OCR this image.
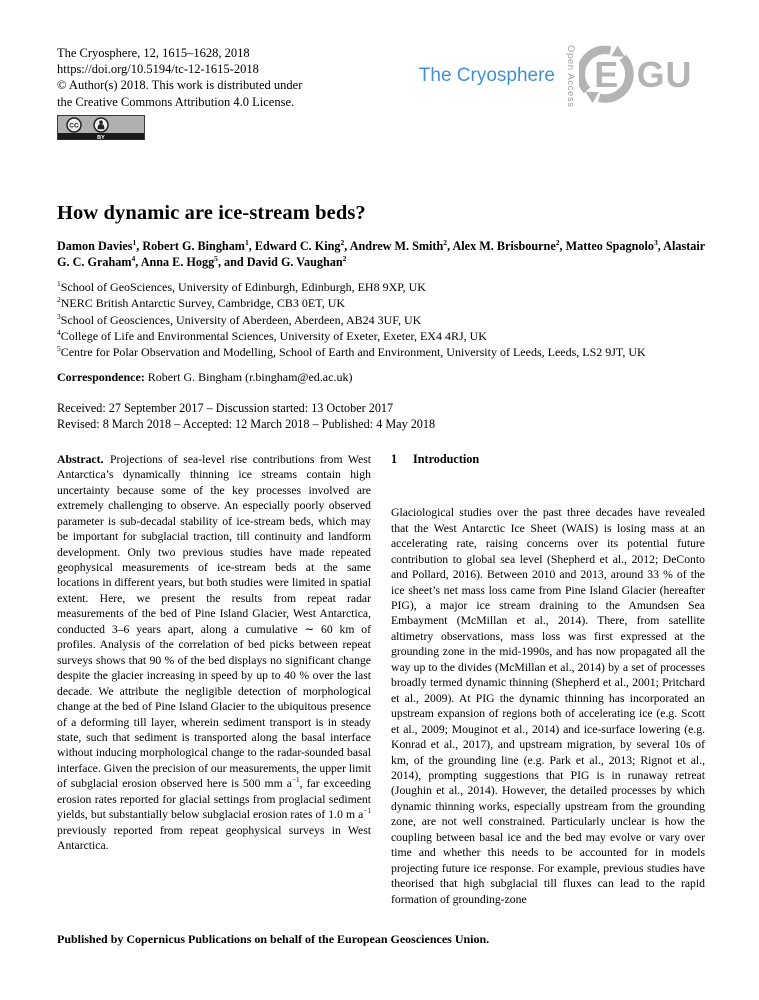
The Cryosphere, 12, 1615–1628, 2018
https://doi.org/10.5194/tc-12-1615-2018
© Author(s) 2018. This work is distributed under
the Creative Commons Attribution 4.0 License.
CC
BY
The Cryosphere Open Access E GU
How dynamic are ice-stream beds?
Damon Davies$^1$, Robert G. Bingham$^1$, Edward C. King$^2$, Andrew M. Smith$^2$, Alex M. Brisbourne$^2$, Matteo Spagnolo$^3$, Alastair G. C. Graham$^4$, Anna E. Hogg$^5$, and David G. Vaughan$^2$
$^1$School of GeoSciences, University of Edinburgh, Edinburgh, EH8 9XP, UK
$^2$NERC British Antarctic Survey, Cambridge, CB3 0ET, UK
$^3$School of Geosciences, University of Aberdeen, Aberdeen, AB24 3UF, UK
$^4$College of Life and Environmental Sciences, University of Exeter, Exeter, EX4 4RJ, UK
$^5$Centre for Polar Observation and Modelling, School of Earth and Environment, University of Leeds, Leeds, LS2 9JT, UK
Correspondence: Robert G. Bingham (r.bingham@ed.ac.uk)
Received: 27 September 2017 – Discussion started: 13 October 2017
Revised: 8 March 2018 – Accepted: 12 March 2018 – Published: 4 May 2018

Abstract. Projections of sea-level rise contributions from West Antarctica’s dynamically thinning ice streams contain high uncertainty because some of the key processes involved are extremely challenging to observe. An especially poorly observed parameter is sub-decadal stability of ice-stream beds, which may be important for subglacial traction, till continuity and landform development. Only two previous studies have made repeated geophysical measurements of ice-stream beds at the same locations in different years, but both studies were limited in spatial extent. Here, we present the results from repeat radar measurements of the bed of Pine Island Glacier, West Antarctica, conducted 3–6 years apart, along a cumulative ∼ 60 km of profiles. Analysis of the correlation of bed picks between repeat surveys shows that 90 % of the bed displays no significant change despite the glacier increasing in speed by up to 40 % over the last decade. We attribute the negligible detection of morphological change at the bed of Pine Island Glacier to the ubiquitous presence of a deforming till layer, wherein sediment transport is in steady state, such that sediment is transported along the basal interface without inducing morphological change to the radar-sounded basal interface. Given the precision of our measurements, the upper limit of subglacial erosion observed here is 500 mm $a^{-1}$, far exceeding erosion rates reported for glacial settings from proglacial sediment yields, but substantially below subglacial erosion rates of 1.0 m $a^{-1}$ previously reported from repeat geophysical surveys in West Antarctica.

1 Introduction

Glaciological studies over the past three decades have revealed that the West Antarctic Ice Sheet (WAIS) is losing mass at an accelerating rate, raising concerns over its potential future contribution to global sea level (Shepherd et al., 2012; DeConto and Pollard, 2016). Between 2010 and 2013, around 33 % of the ice sheet’s net mass loss came from Pine Island Glacier (hereafter PIG), a major ice stream draining to the Amundsen Sea Embayment (McMillan et al., 2014). There, from satellite altimetry observations, mass loss was first expressed at the grounding zone in the mid-1990s, and has now propagated all the way up to the divides (McMillan et al., 2014) by a set of processes broadly termed dynamic thinning (Shepherd et al., 2001; Pritchard et al., 2009). At PIG the dynamic thinning has incorporated an upstream expansion of regions both of accelerating ice (e.g. Scott et al., 2009; Mouginot et al., 2014) and ice-surface lowering (e.g. Konrad et al., 2017), and upstream migration, by several 10s of km, of the grounding line (e.g. Park et al., 2013; Rignot et al., 2014), prompting suggestions that PIG is in runaway retreat (Joughin et al., 2014). However, the detailed processes by which dynamic thinning works, especially upstream from the grounding zone, are not well constrained. Particularly unclear is how the coupling between basal ice and the bed may evolve or vary over time and whether this needs to be accounted for in models projecting future ice response. For example, previous studies have theorised that high subglacial till fluxes can lead to the rapid formation of grounding-zone

Published by Copernicus Publications on behalf of the European Geosciences Union.
